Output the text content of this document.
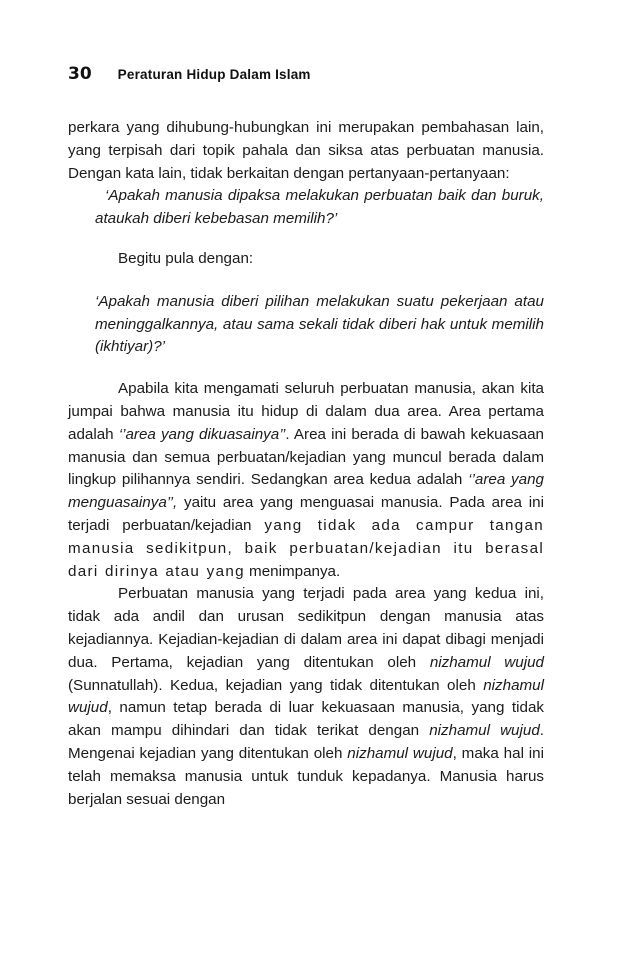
30 Peraturan Hidup Dalam Islam

perkara yang dihubung-hubungkan ini merupakan pembahasan lain, yang terpisah dari topik pahala dan siksa atas perbuatan manusia. Dengan kata lain, tidak berkaitan dengan pertanyaan-pertanyaan:

‘Apakah manusia dipaksa melakukan perbuatan baik dan buruk, ataukah diberi kebebasan memilih?’

Begitu pula dengan:

‘Apakah manusia diberi pilihan melakukan suatu pekerjaan atau meninggalkannya, atau sama sekali tidak diberi hak untuk memilih (ikhtiyar)?’

Apabila kita mengamati seluruh perbuatan manusia, akan kita jumpai bahwa manusia itu hidup di dalam dua area. Area pertama adalah ‘’area yang dikuasainya’’. Area ini berada di bawah kekuasaan manusia dan semua perbuatan/kejadian yang muncul berada dalam lingkup pilihannya sendiri. Sedangkan area kedua adalah ‘’area yang menguasainya’’, yaitu area yang menguasai manusia. Pada area ini terjadi perbuatan/kejadian yang tidak ada campur tangan manusia sedikitpun, baik perbuatan/kejadian itu berasal dari dirinya atau yang menimpanya.

Perbuatan manusia yang terjadi pada area yang kedua ini, tidak ada andil dan urusan sedikitpun dengan manusia atas kejadiannya. Kejadian-kejadian di dalam area ini dapat dibagi menjadi dua. Pertama, kejadian yang ditentukan oleh nizhamul wujud (Sunnatullah). Kedua, kejadian yang tidak ditentukan oleh nizhamul wujud, namun tetap berada di luar kekuasaan manusia, yang tidak akan mampu dihindari dan tidak terikat dengan nizhamul wujud. Mengenai kejadian yang ditentukan oleh nizhamul wujud, maka hal ini telah memaksa manusia untuk tunduk kepadanya. Manusia harus berjalan sesuai dengan
